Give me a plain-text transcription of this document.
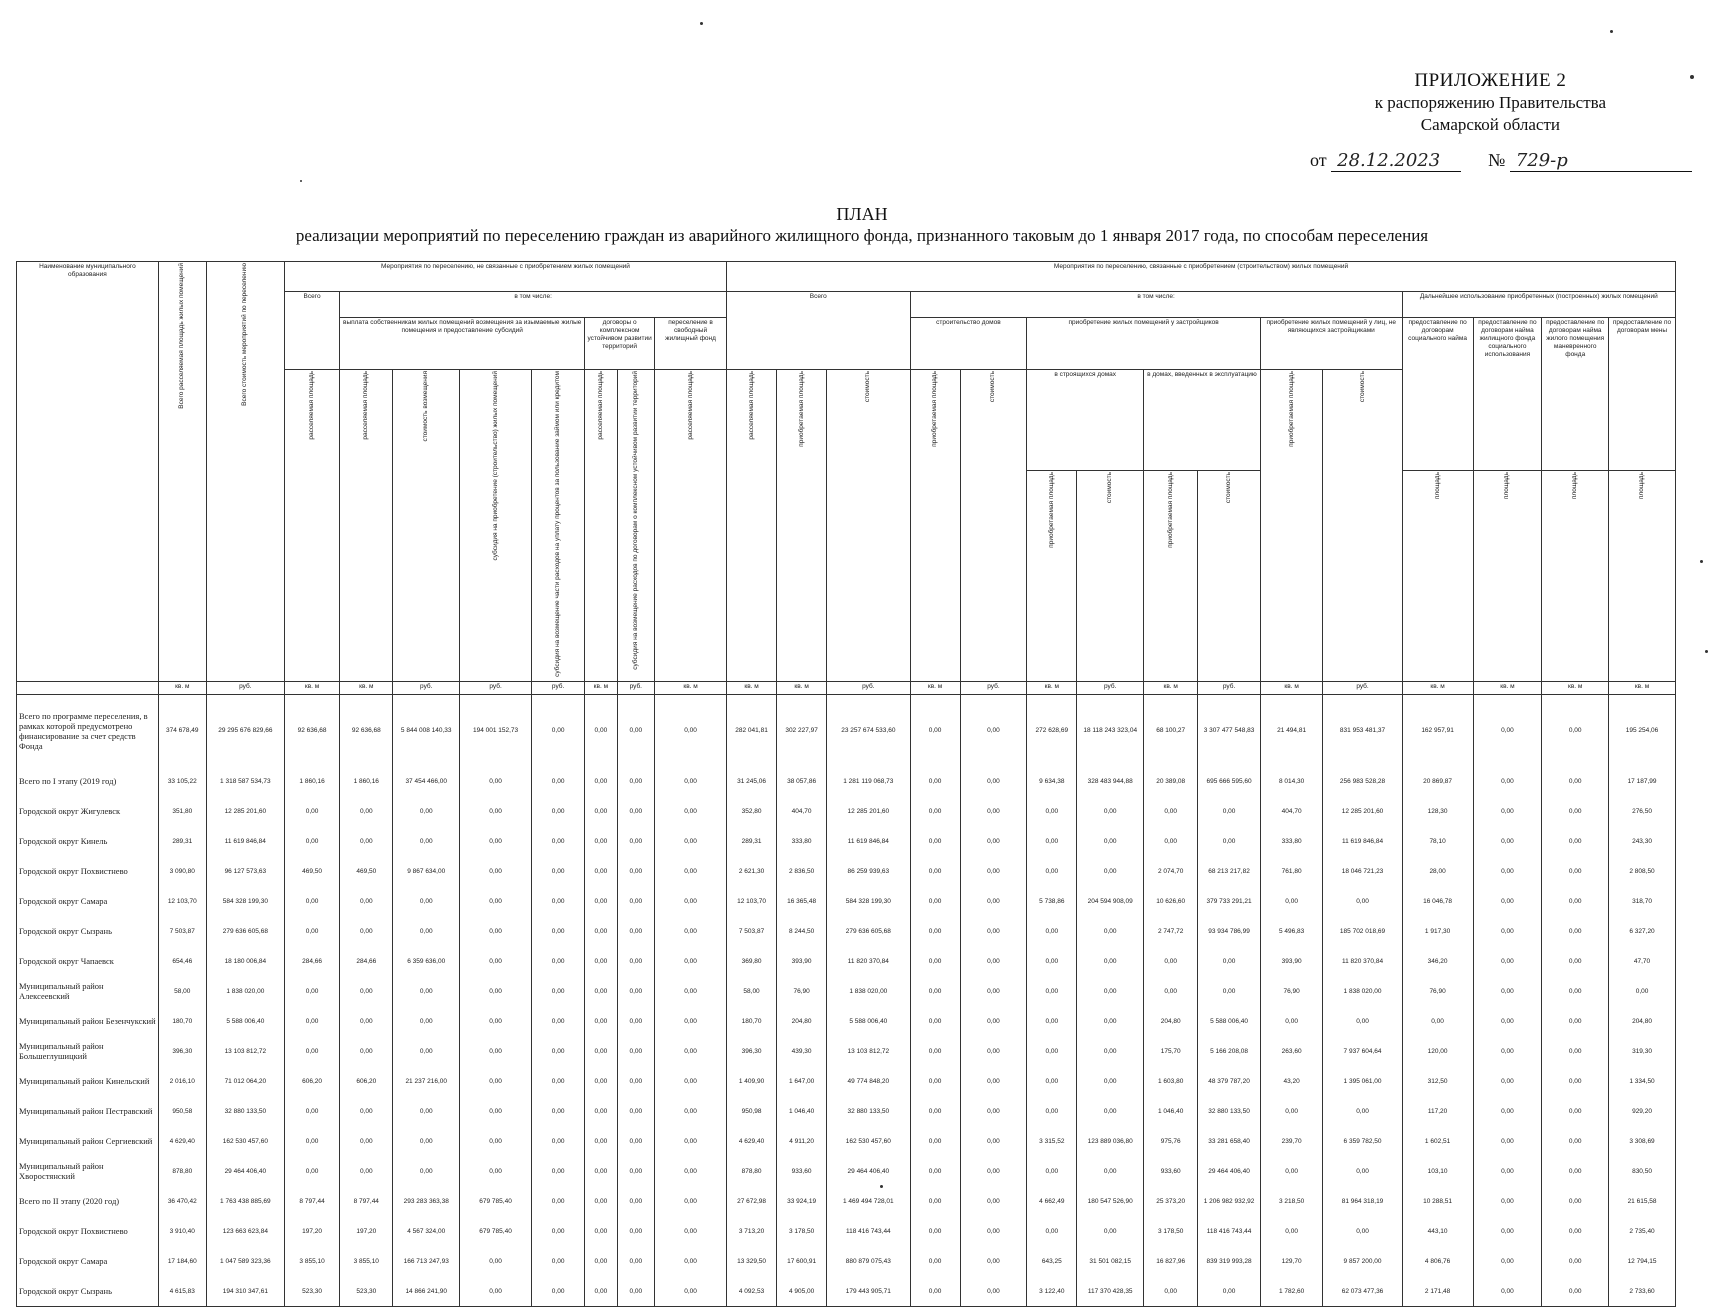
ПРИЛОЖЕНИЕ 2
к распоряжению Правительства
Самарской области
от 28.12.2023	№ 729-р
ПЛАН
реализации мероприятий по переселению граждан из аварийного жилищного фонда, признанного таковым до 1 января 2017 года, по способам переселения
Наименование муниципального образования	Всего расселяемая площадь жилых помещений	Всего стоимость мероприятий по переселению	Мероприятия по переселению, не связанные с приобретением жилых помещений								Мероприятия по переселению, связанные с приобретением (строительством) жилых помещений														
			Всего	в том числе:							Всего			в том числе:								Дальнейшее использование приобретенных (построенных) жилых помещений			
				выплата собственникам жилых помещений возмещения за изымаемые жилые помещения и предоставление субсидий				договоры о комплексном устойчивом развитии территорий		переселение в свободный жилищный фонд				строительство домов		приобретение жилых помещений у застройщиков				приобретение жилых помещений у лиц, не являющихся застройщиками		предоставление по договорам социального найма	предоставление по договорам найма жилищного фонда социального использования	предоставление по договорам найма жилого помещения маневренного фонда	предоставление по договорам мены
			расселяемая площадь	расселяемая площадь	стоимость возмещения	субсидия на приобретение (строительство) жилых помещений	субсидия на возмещение части расходов на уплату процентов за пользование займом или кредитом	расселяемая площадь	субсидия на возмещение расходов по договорам о комплексном устойчивом развитии территорий	расселяемая площадь	расселяемая площадь	приобретаемая площадь	стоимость	приобретаемая площадь	стоимость	в строящихся домах		в домах, введенных в эксплуатацию		приобретаемая площадь	стоимость				
																приобретаемая площадь	стоимость	приобретаемая площадь	стоимость			площадь	площадь	площадь	площадь
	кв. м	руб.	кв. м	кв. м	руб.	руб.	руб.	кв. м	руб.	кв. м	кв. м	кв. м	руб.	кв. м	руб.	кв. м	руб.	кв. м	руб.	кв. м	руб.	кв. м	кв. м	кв. м	кв. м
Всего по программе переселения, в рамках которой предусмотрено финансирование за счет средств Фонда	374 678,49	29 295 676 829,66	92 636,68	92 636,68	5 844 008 140,33	194 001 152,73	0,00	0,00	0,00	0,00	282 041,81	302 227,97	23 257 674 533,60	0,00	0,00	272 628,69	18 118 243 323,04	68 100,27	3 307 477 548,83	21 494,81	831 953 481,37	162 957,91	0,00	0,00	195 254,06
Всего по I этапу (2019 год)	33 105,22	1 318 587 534,73	1 860,16	1 860,16	37 454 466,00	0,00	0,00	0,00	0,00	0,00	31 245,06	38 057,86	1 281 119 068,73	0,00	0,00	9 634,38	328 483 944,88	20 389,08	695 666 595,60	8 014,30	256 983 528,28	20 869,87	0,00	0,00	17 187,99
Городской округ Жигулевск	351,80	12 285 201,60	0,00	0,00	0,00	0,00	0,00	0,00	0,00	0,00	352,80	404,70	12 285 201,60	0,00	0,00	0,00	0,00	0,00	0,00	404,70	12 285 201,60	128,30	0,00	0,00	276,50
Городской округ Кинель	289,31	11 619 846,84	0,00	0,00	0,00	0,00	0,00	0,00	0,00	0,00	289,31	333,80	11 619 846,84	0,00	0,00	0,00	0,00	0,00	0,00	333,80	11 619 846,84	78,10	0,00	0,00	243,30
Городской округ Похвистнево	3 090,80	96 127 573,63	469,50	469,50	9 867 634,00	0,00	0,00	0,00	0,00	0,00	2 621,30	2 836,50	86 259 939,63	0,00	0,00	0,00	0,00	2 074,70	68 213 217,82	761,80	18 046 721,23	28,00	0,00	0,00	2 808,50
Городской округ Самара	12 103,70	584 328 199,30	0,00	0,00	0,00	0,00	0,00	0,00	0,00	0,00	12 103,70	16 365,48	584 328 199,30	0,00	0,00	5 738,86	204 594 908,09	10 626,60	379 733 291,21	0,00	0,00	16 046,78	0,00	0,00	318,70
Городской округ Сызрань	7 503,87	279 636 605,68	0,00	0,00	0,00	0,00	0,00	0,00	0,00	0,00	7 503,87	8 244,50	279 636 605,68	0,00	0,00	0,00	0,00	2 747,72	93 934 786,99	5 496,83	185 702 018,69	1 917,30	0,00	0,00	6 327,20
Городской округ Чапаевск	654,46	18 180 006,84	284,66	284,66	6 359 636,00	0,00	0,00	0,00	0,00	0,00	369,80	393,90	11 820 370,84	0,00	0,00	0,00	0,00	0,00	0,00	393,90	11 820 370,84	346,20	0,00	0,00	47,70
Муниципальный район Алексеевский	58,00	1 838 020,00	0,00	0,00	0,00	0,00	0,00	0,00	0,00	0,00	58,00	76,90	1 838 020,00	0,00	0,00	0,00	0,00	0,00	0,00	76,90	1 838 020,00	76,90	0,00	0,00	0,00
Муниципальный район Безенчукский	180,70	5 588 006,40	0,00	0,00	0,00	0,00	0,00	0,00	0,00	0,00	180,70	204,80	5 588 006,40	0,00	0,00	0,00	0,00	204,80	5 588 006,40	0,00	0,00	0,00	0,00	0,00	204,80
Муниципальный район Большеглушицкий	396,30	13 103 812,72	0,00	0,00	0,00	0,00	0,00	0,00	0,00	0,00	396,30	439,30	13 103 812,72	0,00	0,00	0,00	0,00	175,70	5 166 208,08	263,60	7 937 604,64	120,00	0,00	0,00	319,30
Муниципальный район Кинельский	2 016,10	71 012 064,20	606,20	606,20	21 237 216,00	0,00	0,00	0,00	0,00	0,00	1 409,90	1 647,00	49 774 848,20	0,00	0,00	0,00	0,00	1 603,80	48 379 787,20	43,20	1 395 061,00	312,50	0,00	0,00	1 334,50
Муниципальный район Пестравский	950,58	32 880 133,50	0,00	0,00	0,00	0,00	0,00	0,00	0,00	0,00	950,98	1 046,40	32 880 133,50	0,00	0,00	0,00	0,00	1 046,40	32 880 133,50	0,00	0,00	117,20	0,00	0,00	929,20
Муниципальный район Сергиевский	4 629,40	162 530 457,60	0,00	0,00	0,00	0,00	0,00	0,00	0,00	0,00	4 629,40	4 911,20	162 530 457,60	0,00	0,00	3 315,52	123 889 036,80	975,76	33 281 658,40	239,70	6 359 782,50	1 602,51	0,00	0,00	3 308,69
Муниципальный район Хворостянский	878,80	29 464 406,40	0,00	0,00	0,00	0,00	0,00	0,00	0,00	0,00	878,80	933,60	29 464 406,40	0,00	0,00	0,00	0,00	933,60	29 464 406,40	0,00	0,00	103,10	0,00	0,00	830,50
Всего по II этапу (2020 год)	36 470,42	1 763 438 885,69	8 797,44	8 797,44	293 283 363,38	679 785,40	0,00	0,00	0,00	0,00	27 672,98	33 924,19	1 469 494 728,01	0,00	0,00	4 662,49	180 547 526,90	25 373,20	1 206 982 932,92	3 218,50	81 964 318,19	10 288,51	0,00	0,00	21 615,58
Городской округ Похвистнево	3 910,40	123 663 623,84	197,20	197,20	4 567 324,00	679 785,40	0,00	0,00	0,00	0,00	3 713,20	3 178,50	118 416 743,44	0,00	0,00	0,00	0,00	3 178,50	118 416 743,44	0,00	0,00	443,10	0,00	0,00	2 735,40
Городской округ Самара	17 184,60	1 047 589 323,36	3 855,10	3 855,10	166 713 247,93	0,00	0,00	0,00	0,00	0,00	13 329,50	17 600,91	880 879 075,43	0,00	0,00	643,25	31 501 082,15	16 827,96	839 319 993,28	129,70	9 857 200,00	4 806,76	0,00	0,00	12 794,15
Городской округ Сызрань	4 615,83	194 310 347,61	523,30	523,30	14 866 241,90	0,00	0,00	0,00	0,00	0,00	4 092,53	4 905,00	179 443 905,71	0,00	0,00	3 122,40	117 370 428,35	0,00	0,00	1 782,60	62 073 477,36	2 171,48	0,00	0,00	2 733,60
